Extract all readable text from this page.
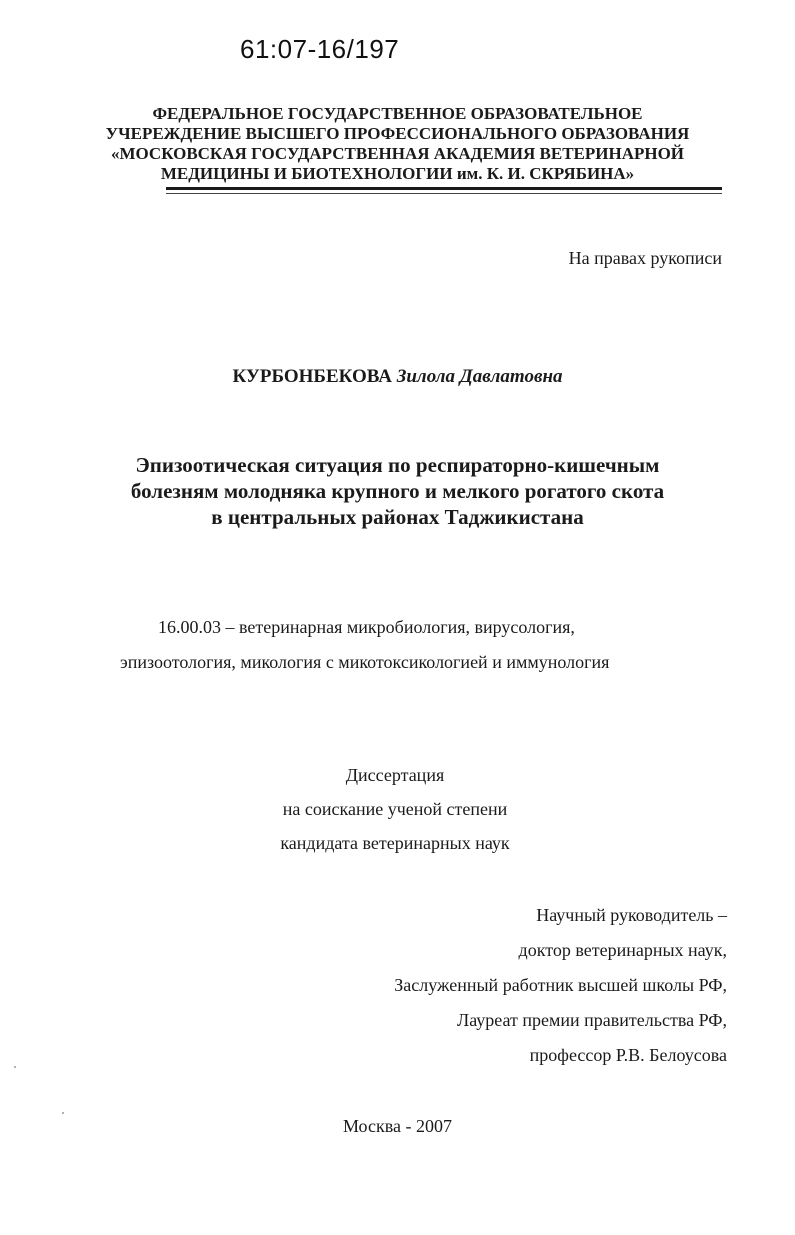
61:07-16/197
ФЕДЕРАЛЬНОЕ ГОСУДАРСТВЕННОЕ ОБРАЗОВАТЕЛЬНОЕ
УЧЕРЕЖДЕНИЕ ВЫСШЕГО ПРОФЕССИОНАЛЬНОГО ОБРАЗОВАНИЯ
«МОСКОВСКАЯ ГОСУДАРСТВЕННАЯ АКАДЕМИЯ ВЕТЕРИНАРНОЙ
МЕДИЦИНЫ И БИОТЕХНОЛОГИИ им. К. И. СКРЯБИНА»
На правах рукописи
КУРБОНБЕКОВА Зилола Давлатовна
Эпизоотическая ситуация по респираторно-кишечным
болезням молодняка крупного и мелкого рогатого скота
в центральных районах Таджикистана
16.00.03 – ветеринарная микробиология, вирусология,
эпизоотология, микология с микотоксикологией и иммунология
Диссертация
на соискание ученой степени
кандидата ветеринарных наук
Научный руководитель –
доктор ветеринарных наук,
Заслуженный работник высшей школы РФ,
Лауреат премии правительства РФ,
профессор Р.В. Белоусова
Москва - 2007
